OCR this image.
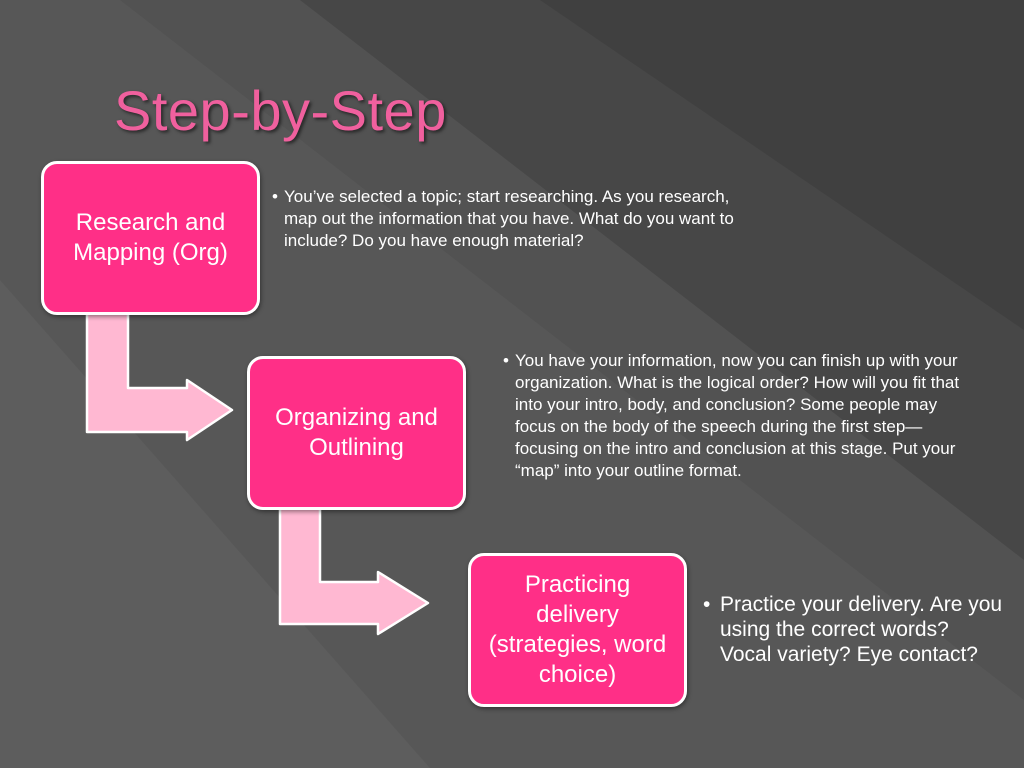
Step-by-Step
Research and Mapping (Org)
• You’ve selected a topic; start researching. As you research, map out the information that you have. What do you want to include? Do you have enough material?
Organizing and Outlining
• You have your information, now you can finish up with your organization. What is the logical order? How will you fit that into your intro, body, and conclusion? Some people may focus on the body of the speech during the first step—focusing on the intro and conclusion at this stage. Put your “map” into your outline format.
Practicing delivery (strategies, word choice)
• Practice your delivery. Are you using the correct words? Vocal variety? Eye contact?
